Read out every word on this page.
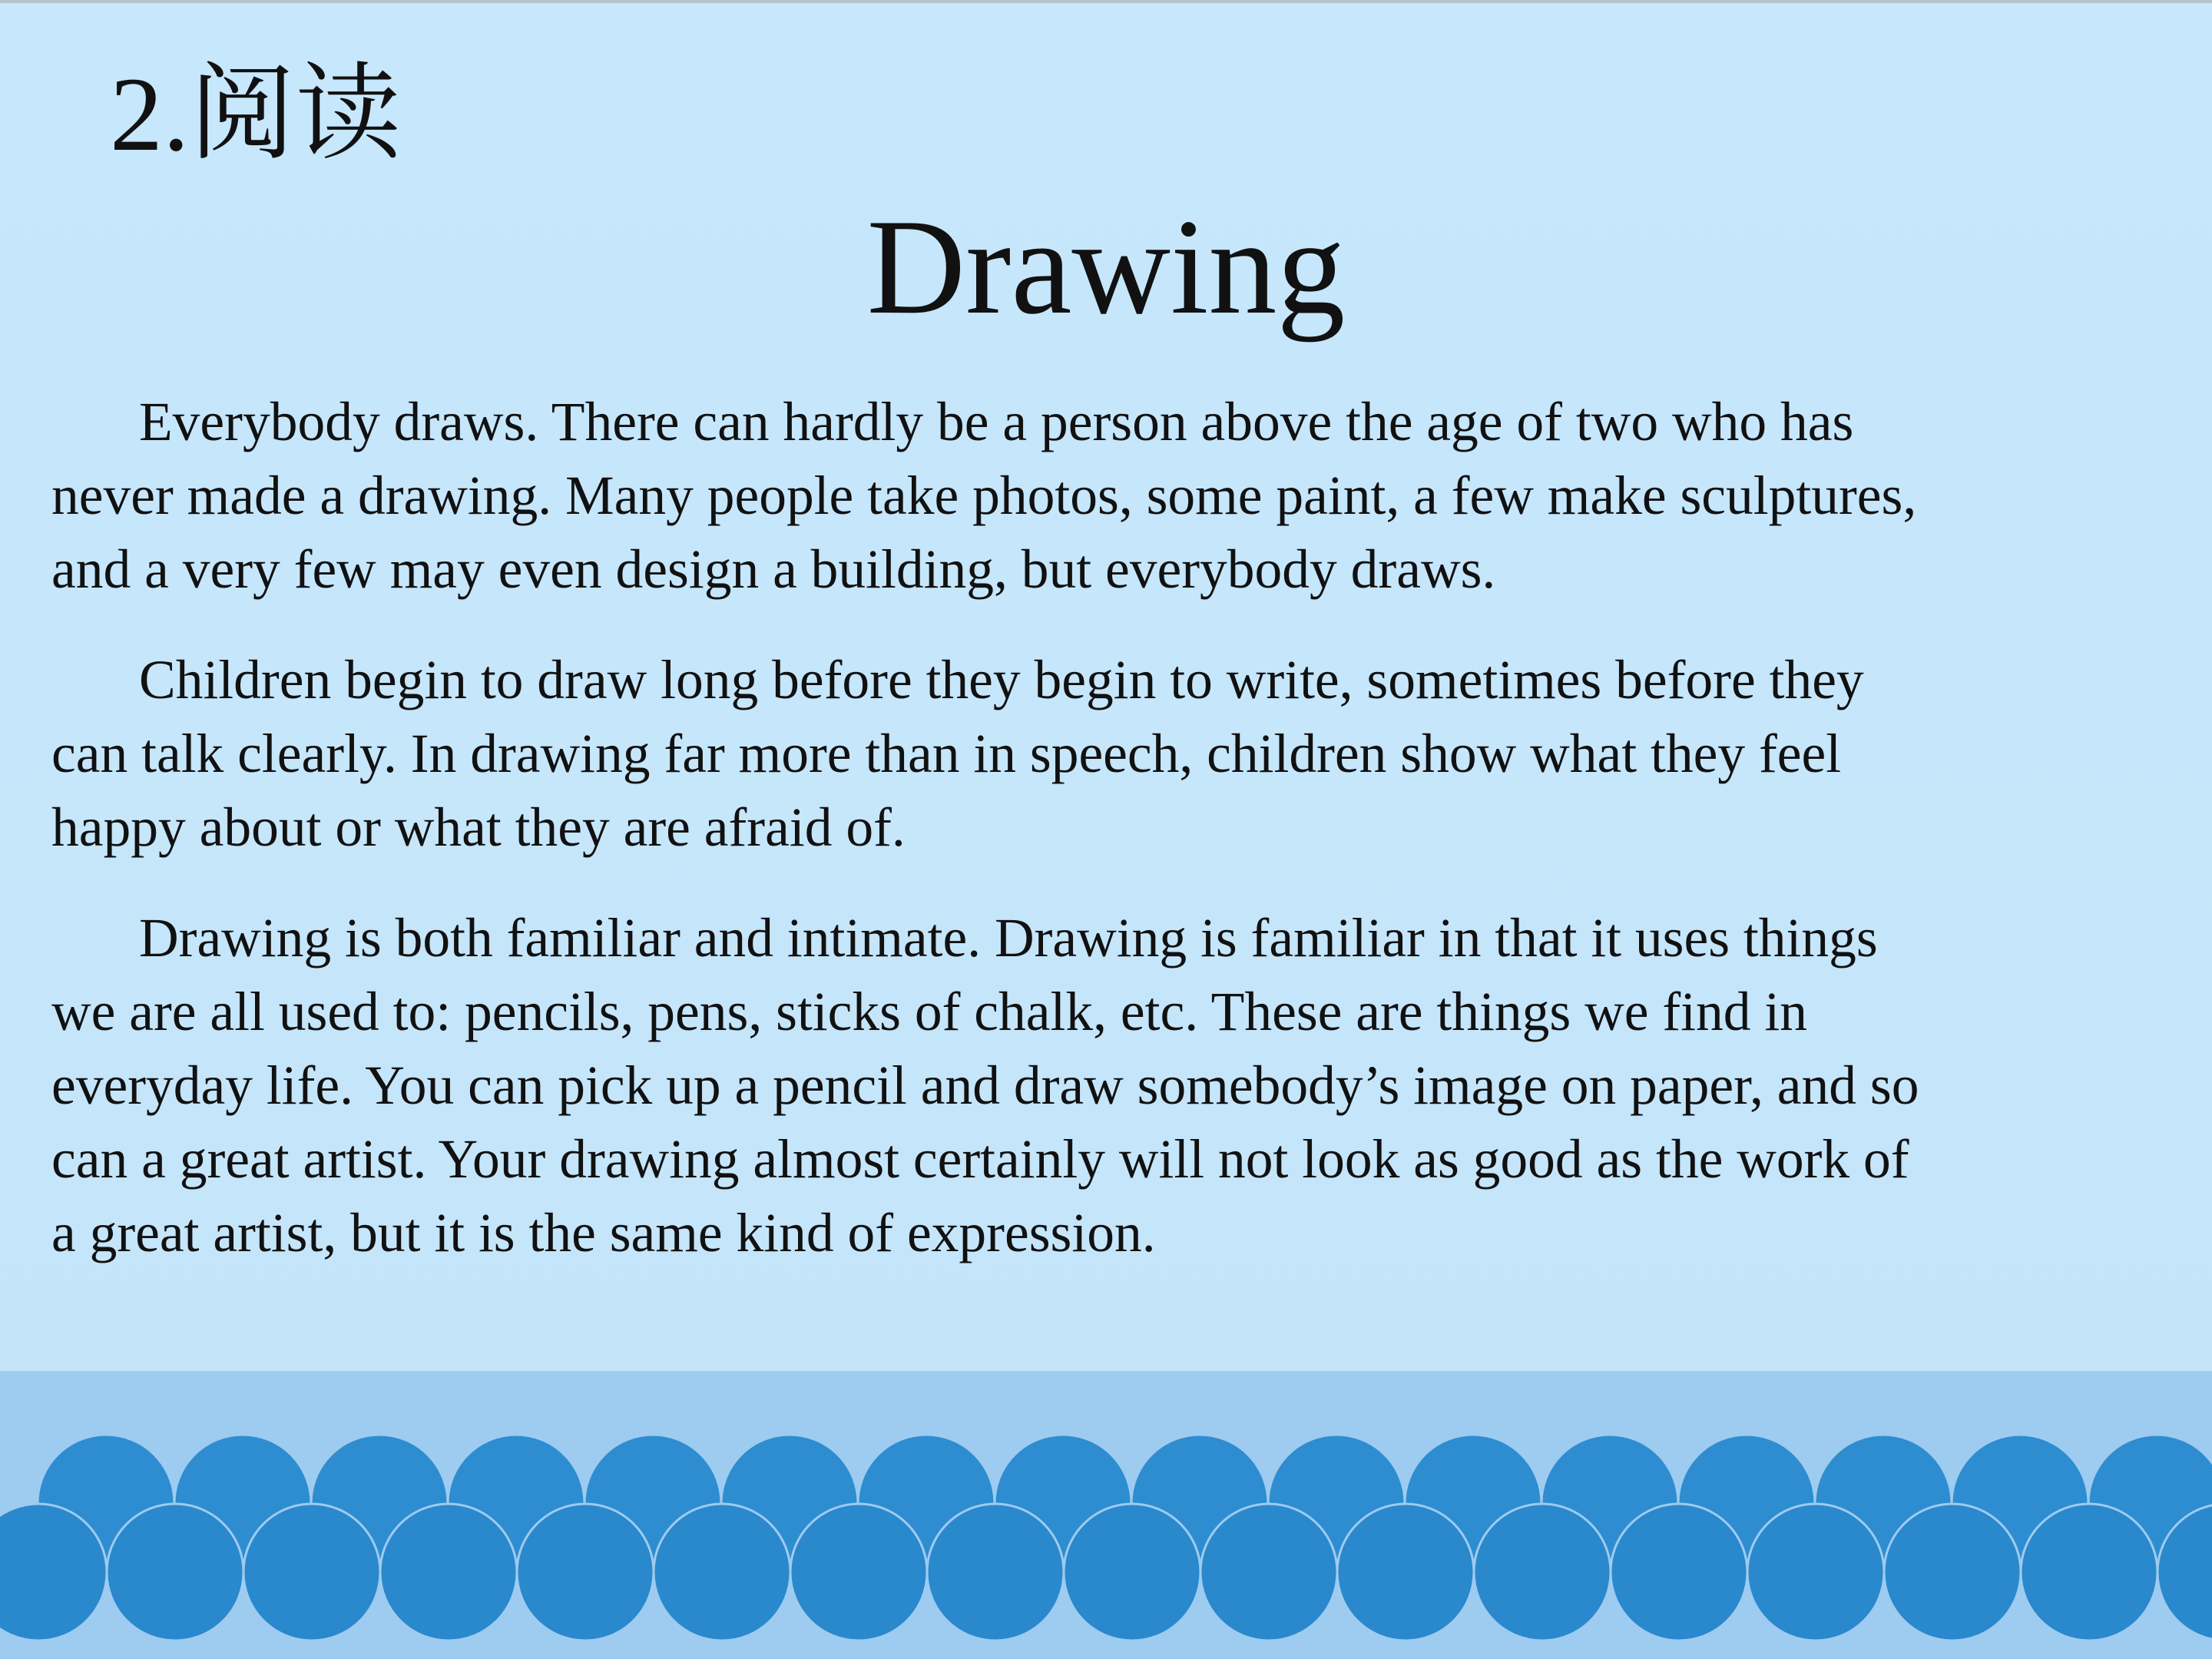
2.阅读
Drawing

Everybody draws. There can hardly be a person above the age of two who has
never made a drawing. Many people take photos, some paint, a few make sculptures,
and a very few may even design a building, but everybody draws.

Children begin to draw long before they begin to write, sometimes before they
can talk clearly. In drawing far more than in speech, children show what they feel
happy about or what they are afraid of.

Drawing is both familiar and intimate. Drawing is familiar in that it uses things
we are all used to: pencils, pens, sticks of chalk, etc. These are things we find in
everyday life. You can pick up a pencil and draw somebody’s image on paper, and so
can a great artist. Your drawing almost certainly will not look as good as the work of
a great artist, but it is the same kind of expression.
